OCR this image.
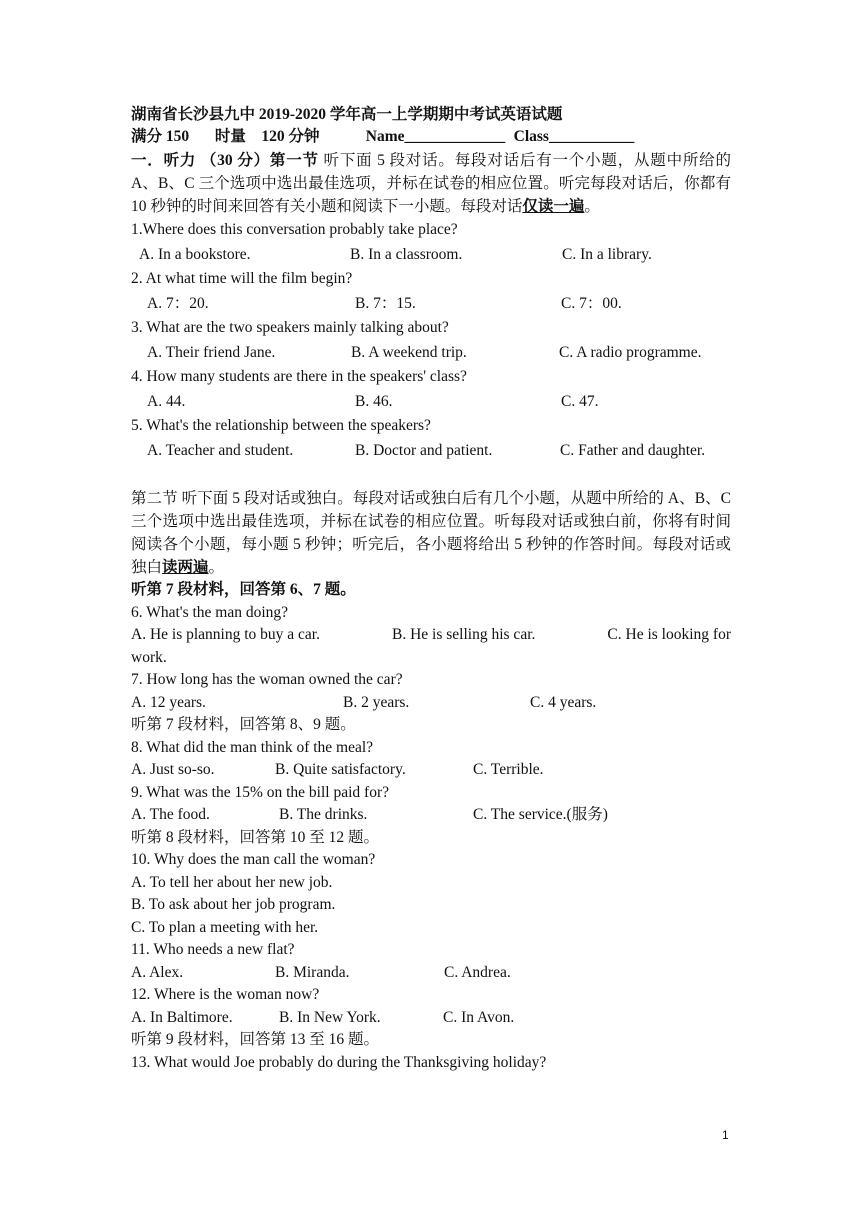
湖南省长沙县九中 2019-2020 学年高一上学期期中考试英语试题
满分 150 时量　120 分钟	Name_____________ Class___________
一．听力 （30 分）第一节 听下面 5 段对话。每段对话后有一个小题，从题中所给的 A、B、C 三个选项中选出最佳选项，并标在试卷的相应位置。听完每段对话后，你都有 10 秒钟的时间来回答有关小题和阅读下一小题。每段对话仅读一遍。
1.Where does this conversation probably take place?
A. In a bookstore.	B. In a classroom.	C. In a library.
2. At what time will the film begin?
A. 7：20.	B. 7：15.	C. 7：00.
3. What are the two speakers mainly talking about?
A. Their friend Jane.	B. A weekend trip.	C. A radio programme.
4. How many students are there in the speakers' class?
A. 44.	B. 46.	C. 47.
5. What's the relationship between the speakers?
A. Teacher and student.	B. Doctor and patient.	C. Father and daughter.
第二节 听下面 5 段对话或独白。每段对话或独白后有几个小题，从题中所给的 A、B、C 三个选项中选出最佳选项，并标在试卷的相应位置。听每段对话或独白前，你将有时间阅读各个小题，每小题 5 秒钟；听完后，各小题将给出 5 秒钟的作答时间。每段对话或独白读两遍。
听第 7 段材料，回答第 6、7 题。
6. What's the man doing?
A. He is planning to buy a car.	B. He is selling his car.	C. He is looking for
work.
7. How long has the woman owned the car?
A. 12 years.	B. 2 years.	C. 4 years.
听第 7 段材料，回答第 8、9 题。
8. What did the man think of the meal?
A. Just so-so.	B. Quite satisfactory.	C. Terrible.
9. What was the 15% on the bill paid for?
A. The food.	B. The drinks.	C. The service.(服务)
听第 8 段材料，回答第 10 至 12 题。
10. Why does the man call the woman?
A. To tell her about her new job.
B. To ask about her job program.
C. To plan a meeting with her.
11. Who needs a new flat?
A. Alex.	B. Miranda.	C. Andrea.
12. Where is the woman now?
A. In Baltimore.	B. In New York.	C. In Avon.
听第 9 段材料，回答第 13 至 16 题。
13. What would Joe probably do during the Thanksgiving holiday?
1
